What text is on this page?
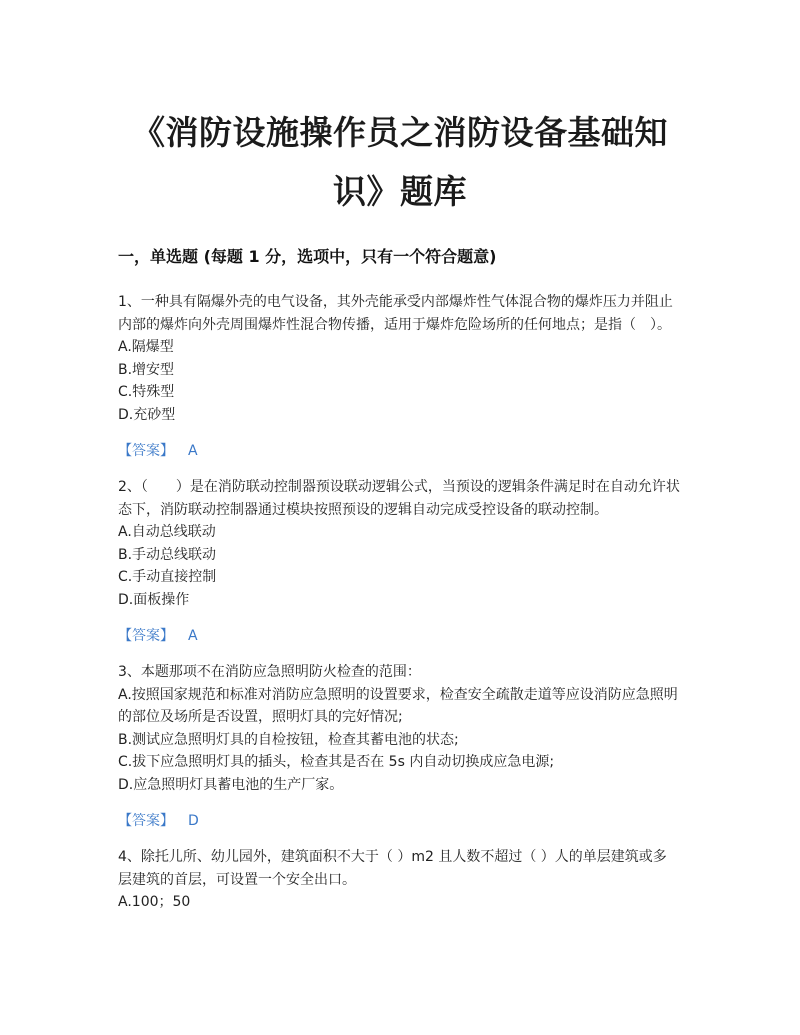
《消防设施操作员之消防设备基础知
识》题库
一，单选题 (每题 1 分，选项中，只有一个符合题意)

1、一种具有隔爆外壳的电气设备，其外壳能承受内部爆炸性气体混合物的爆炸压力并阻止内部的爆炸向外壳周围爆炸性混合物传播，适用于爆炸危险场所的任何地点；是指（　）。

A.隔爆型

B.增安型

C.特殊型

D.充砂型

【答案】 A

2、（　　）是在消防联动控制器预设联动逻辑公式，当预设的逻辑条件满足时在自动允许状态下，消防联动控制器通过模块按照预设的逻辑自动完成受控设备的联动控制。

A.自动总线联动

B.手动总线联动

C.手动直接控制

D.面板操作

【答案】 A

3、本题那项不在消防应急照明防火检查的范围：

A.按照国家规范和标准对消防应急照明的设置要求，检查安全疏散走道等应设消防应急照明的部位及场所是否设置，照明灯具的完好情况;

B.测试应急照明灯具的自检按钮，检查其蓄电池的状态;

C.拔下应急照明灯具的插头，检查其是否在 5s 内自动切换成应急电源;

D.应急照明灯具蓄电池的生产厂家。

【答案】 D

4、除托儿所、幼儿园外，建筑面积不大于（ ）m2 且人数不超过（ ）人的单层建筑或多层建筑的首层，可设置一个安全出口。

A.100；50
